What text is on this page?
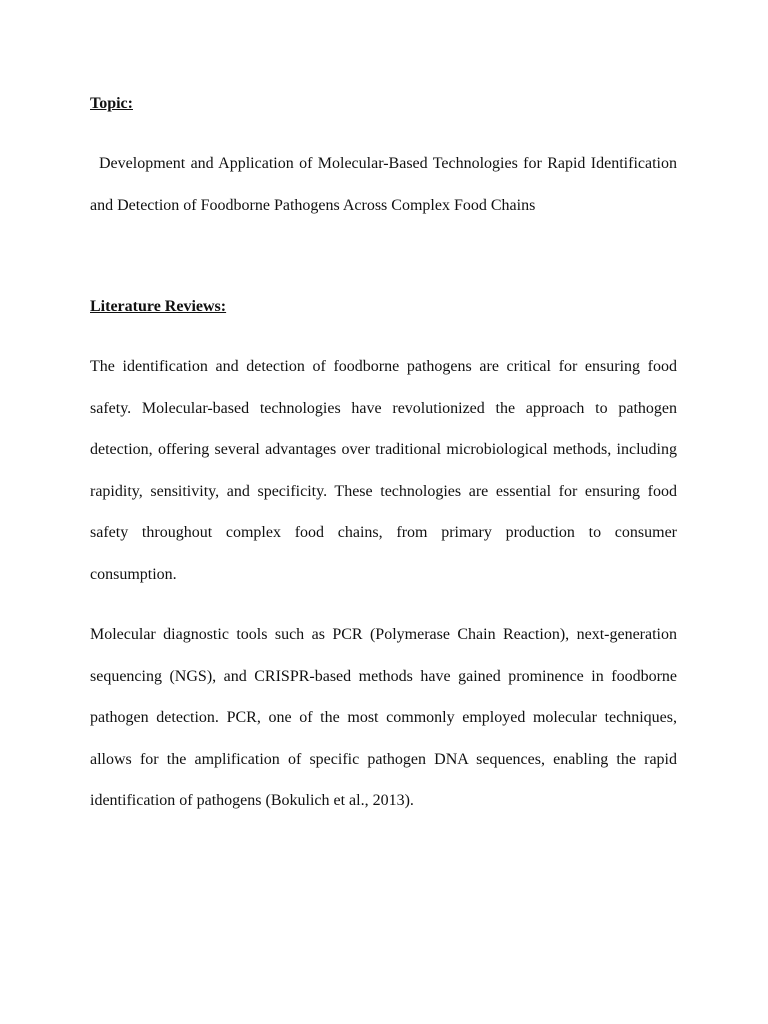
Topic:

Development and Application of Molecular-Based Technologies for Rapid Identification and Detection of Foodborne Pathogens Across Complex Food Chains

Literature Reviews:

The identification and detection of foodborne pathogens are critical for ensuring food safety. Molecular-based technologies have revolutionized the approach to pathogen detection, offering several advantages over traditional microbiological methods, including rapidity, sensitivity, and specificity. These technologies are essential for ensuring food safety throughout complex food chains, from primary production to consumer consumption.

Molecular diagnostic tools such as PCR (Polymerase Chain Reaction), next-generation sequencing (NGS), and CRISPR-based methods have gained prominence in foodborne pathogen detection. PCR, one of the most commonly employed molecular techniques, allows for the amplification of specific pathogen DNA sequences, enabling the rapid identification of pathogens (Bokulich et al., 2013).
